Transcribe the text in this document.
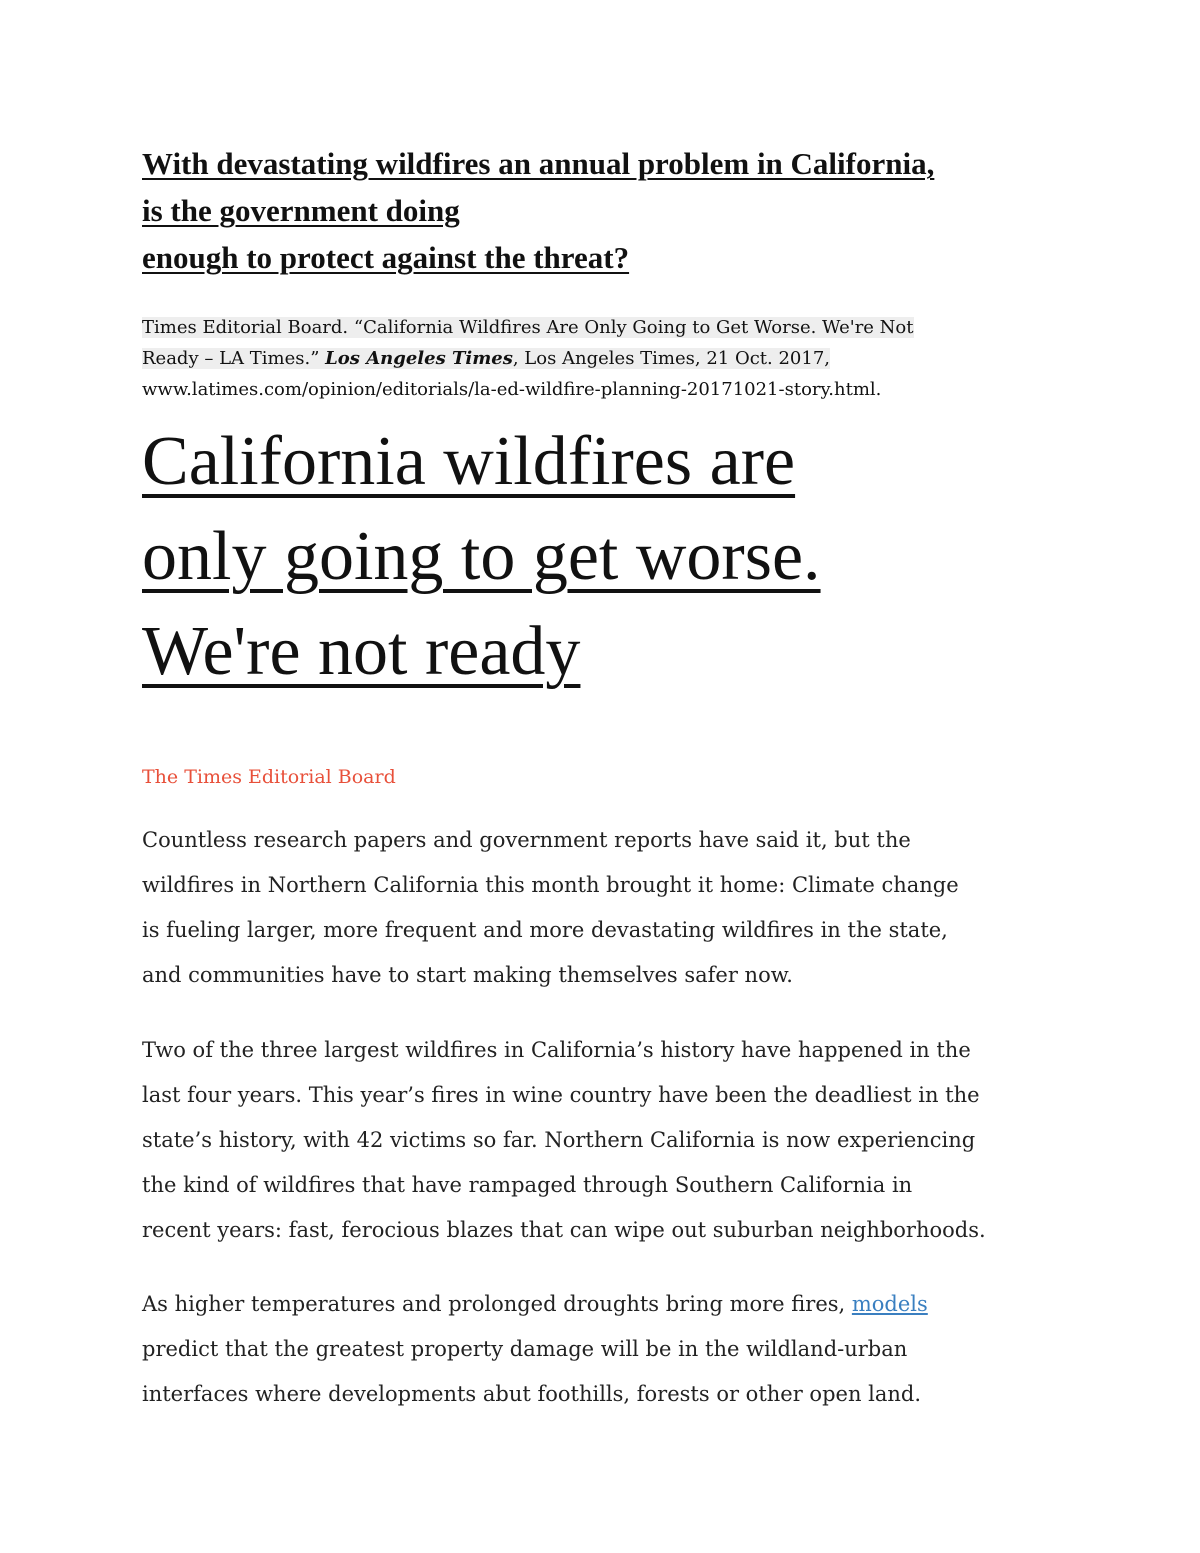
With devastating wildfires an annual problem in California,
is the government doing
enough to protect against the threat?
Times Editorial Board. “California Wildfires Are Only Going to Get Worse. We're Not
Ready – LA Times.” Los Angeles Times, Los Angeles Times, 21 Oct. 2017,
www.latimes.com/opinion/editorials/la-ed-wildfire-planning-20171021-story.html.
California wildfires are
only going to get worse.
We're not ready
The Times Editorial Board
Countless research papers and government reports have said it, but the
wildfires in Northern California this month brought it home: Climate change
is fueling larger, more frequent and more devastating wildfires in the state,
and communities have to start making themselves safer now.
Two of the three largest wildfires in California’s history have happened in the
last four years. This year’s fires in wine country have been the deadliest in the
state’s history, with 42 victims so far. Northern California is now experiencing
the kind of wildfires that have rampaged through Southern California in
recent years: fast, ferocious blazes that can wipe out suburban neighborhoods.
As higher temperatures and prolonged droughts bring more fires, models
predict that the greatest property damage will be in the wildland-urban
interfaces where developments abut foothills, forests or other open land.
